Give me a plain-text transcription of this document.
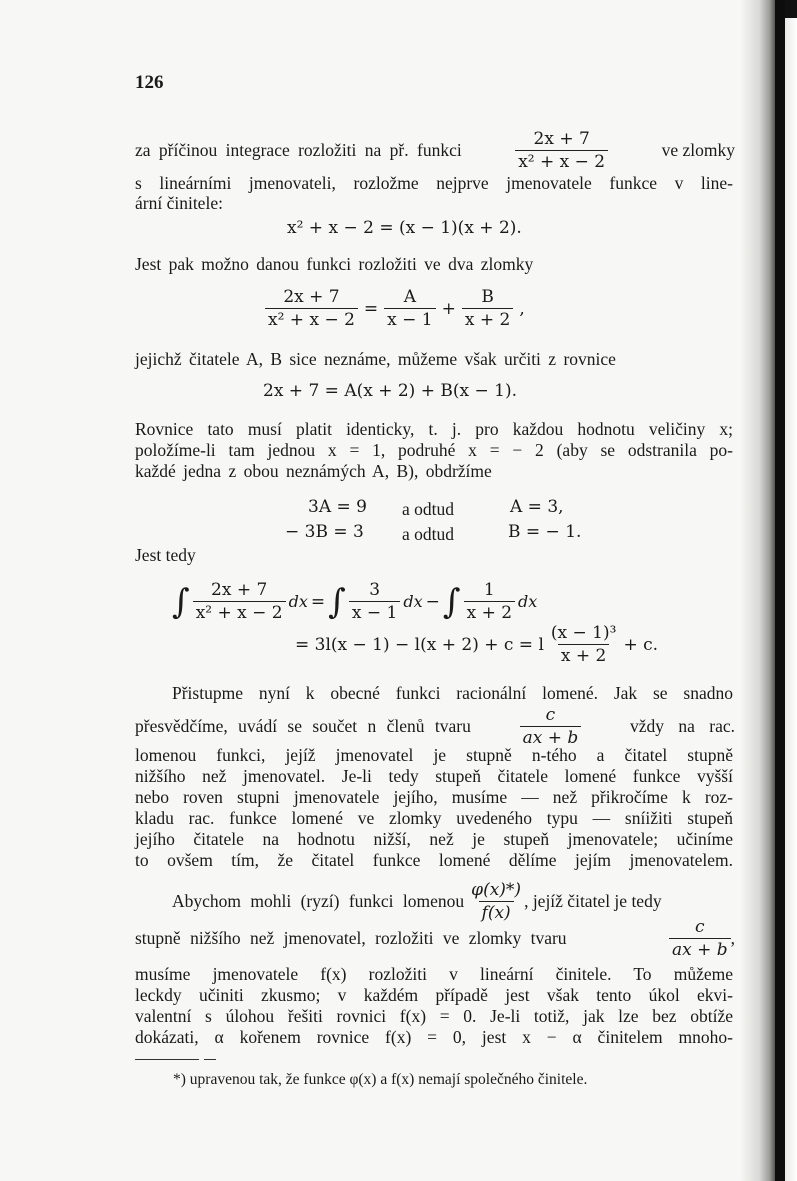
126
za příčinou integrace rozložiti na př. funkci	$\frac{2x + 7}{\text{x² + x − 2}}$	ve zlomky
s lineárními jmenovateli, rozložme nejprve jmenovatele funkce v line-
ární činitele:
x² + x − 2 = (x − 1)(x + 2).
Jest pak možno danou funkci rozložiti ve dva zlomky
$\frac{2x + 7}{\text{x² + x − 2}} = \frac{A}{x - 1} + \frac{B}{x + 2}$ ,
jejichž čitatele A, B sice neznáme, můžeme však určiti z rovnice
2x + 7 = A(x + 2) + B(x − 1).
Rovnice tato musí platit identicky, t. j. pro každou hodnotu veličiny x;
položíme-li tam jednou x = 1, podruhé x = − 2 (aby se odstranila po-
každé jedna z obou neznámých A, B), obdržíme
3A = 9 a odtud	A = 3,
− 3B = 3 a odtud	B = − 1.
Jest tedy
∫ $\frac{2x + 7}{\text{x² + x − 2}}$ dx = ∫ $\frac{3}{x - 1}$ dx − ∫ $\frac{1}{x + 2}$ dx
= 3l(x − 1) − l(x + 2) + c = l $\frac{\text{(x − 1)³}}{x + 2} + c$.
Přistupme nyní k obecné funkci racionální lomené. Jak se snadno
přesvědčíme, uvádí se součet n členů tvaru	$\frac{c}{ax + b}$	vždy na rac.
lomenou funkci, jejíž jmenovatel je stupně n-tého a čitatel stupně
nižšího než jmenovatel. Je-li tedy stupeň čitatele lomené funkce vyšší
nebo roven stupni jmenovatele jejího, musíme — než přikročíme k roz-
kladu rac. funkce lomené ve zlomky uvedeného typu — sníižiti stupeň
jejího čitatele na hodnotu nižší, než je stupeň jmenovatele; učiníme
to ovšem tím, že čitatel funkce lomené dělíme jejím jmenovatelem.
Abychom mohli (ryzí) funkci lomenou $\frac{\varphi(x)*)}{f(x)}$ , jejíž čitatel je tedy
stupně nižšího než jmenovatel, rozložiti ve zlomky tvaru	$\frac{c}{ax + b}$ ,
musíme jmenovatele f(x) rozložiti v lineární činitele. To můžeme
leckdy učiniti zkusmo; v každém případě jest však tento úkol ekvi-
valentní s úlohou řešiti rovnici f(x) = 0. Je-li totiž, jak lze bez obtíže
dokázati, α kořenem rovnice f(x) = 0, jest x − α činitelem mnoho-
*) upravenou tak, že funkce φ(x) a f(x) nemají společného činitele.
